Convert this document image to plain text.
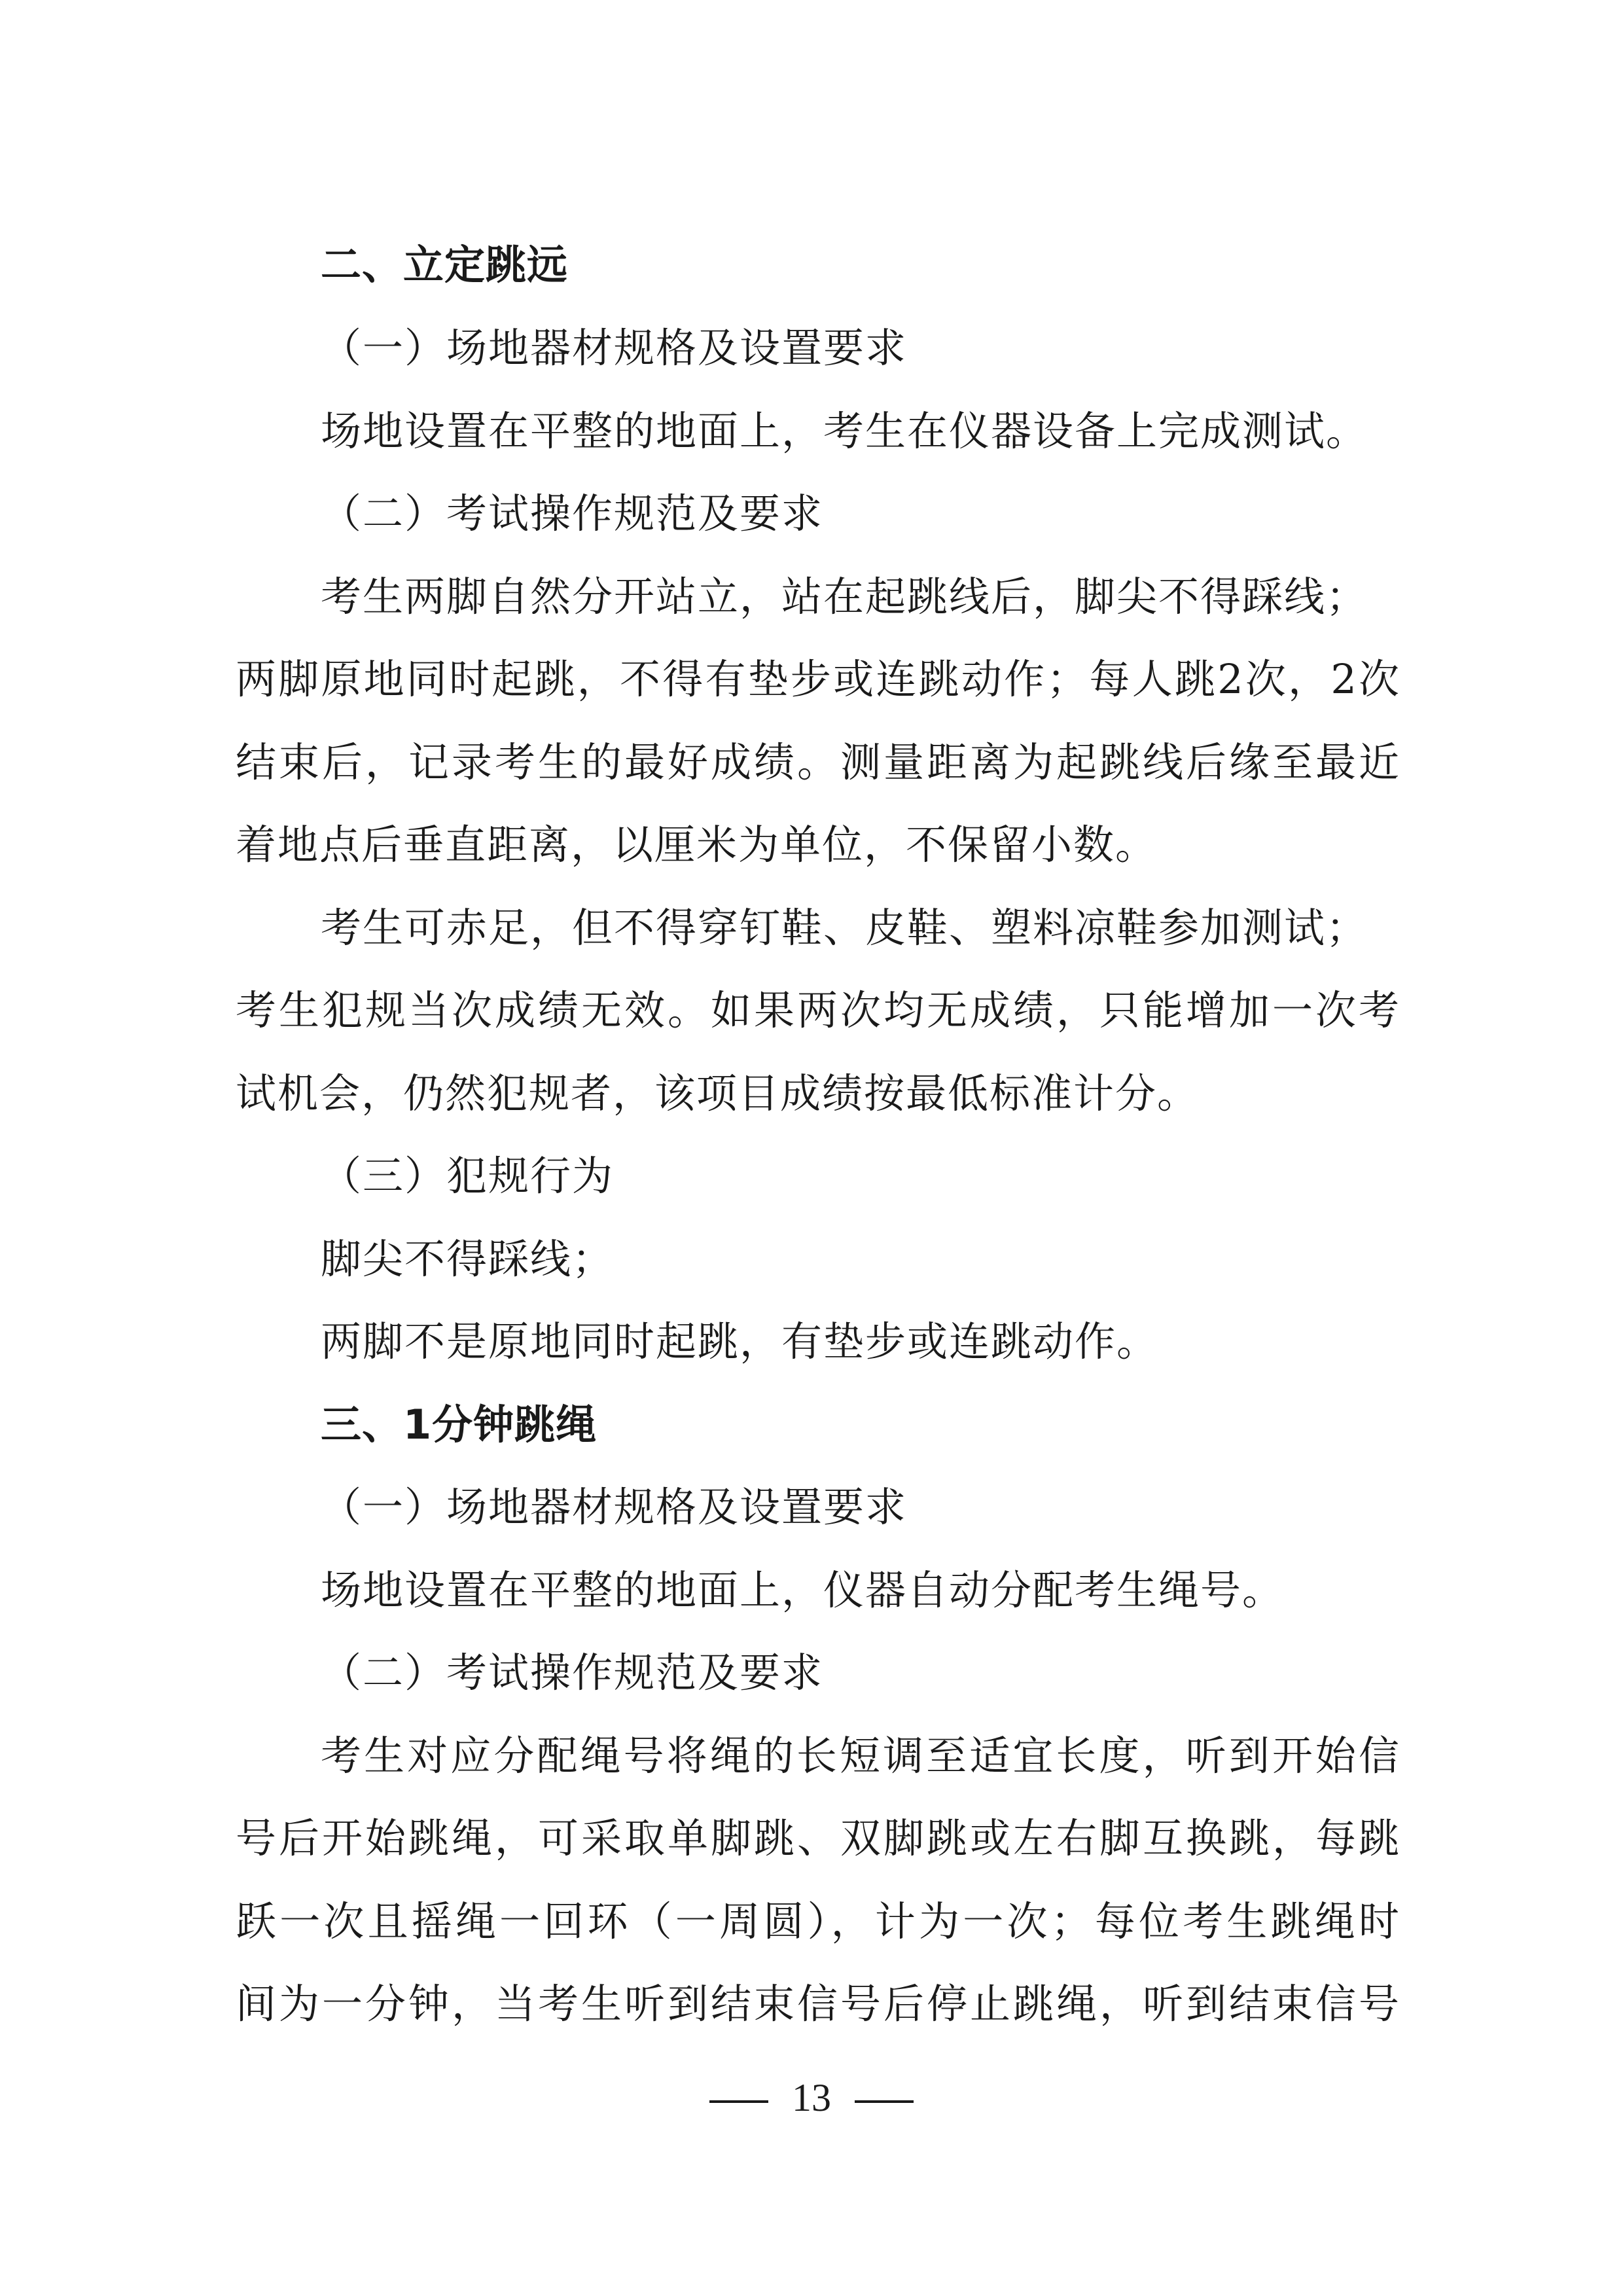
二、立定跳远
（一）场地器材规格及设置要求
场地设置在平整的地面上，考生在仪器设备上完成测试。
（二）考试操作规范及要求
考生两脚自然分开站立，站在起跳线后，脚尖不得踩线；
两脚原地同时起跳，不得有垫步或连跳动作；每人跳2次，2次
结束后，记录考生的最好成绩。测量距离为起跳线后缘至最近
着地点后垂直距离，以厘米为单位，不保留小数。
考生可赤足，但不得穿钉鞋、皮鞋、塑料凉鞋参加测试；
考生犯规当次成绩无效。如果两次均无成绩，只能增加一次考
试机会，仍然犯规者，该项目成绩按最低标准计分。
（三）犯规行为
脚尖不得踩线；
两脚不是原地同时起跳，有垫步或连跳动作。
三、1分钟跳绳
（一）场地器材规格及设置要求
场地设置在平整的地面上，仪器自动分配考生绳号。
（二）考试操作规范及要求
考生对应分配绳号将绳的长短调至适宜长度，听到开始信
号后开始跳绳，可采取单脚跳、双脚跳或左右脚互换跳，每跳
跃一次且摇绳一回环（一周圆），计为一次；每位考生跳绳时
间为一分钟，当考生听到结束信号后停止跳绳，听到结束信号
13
